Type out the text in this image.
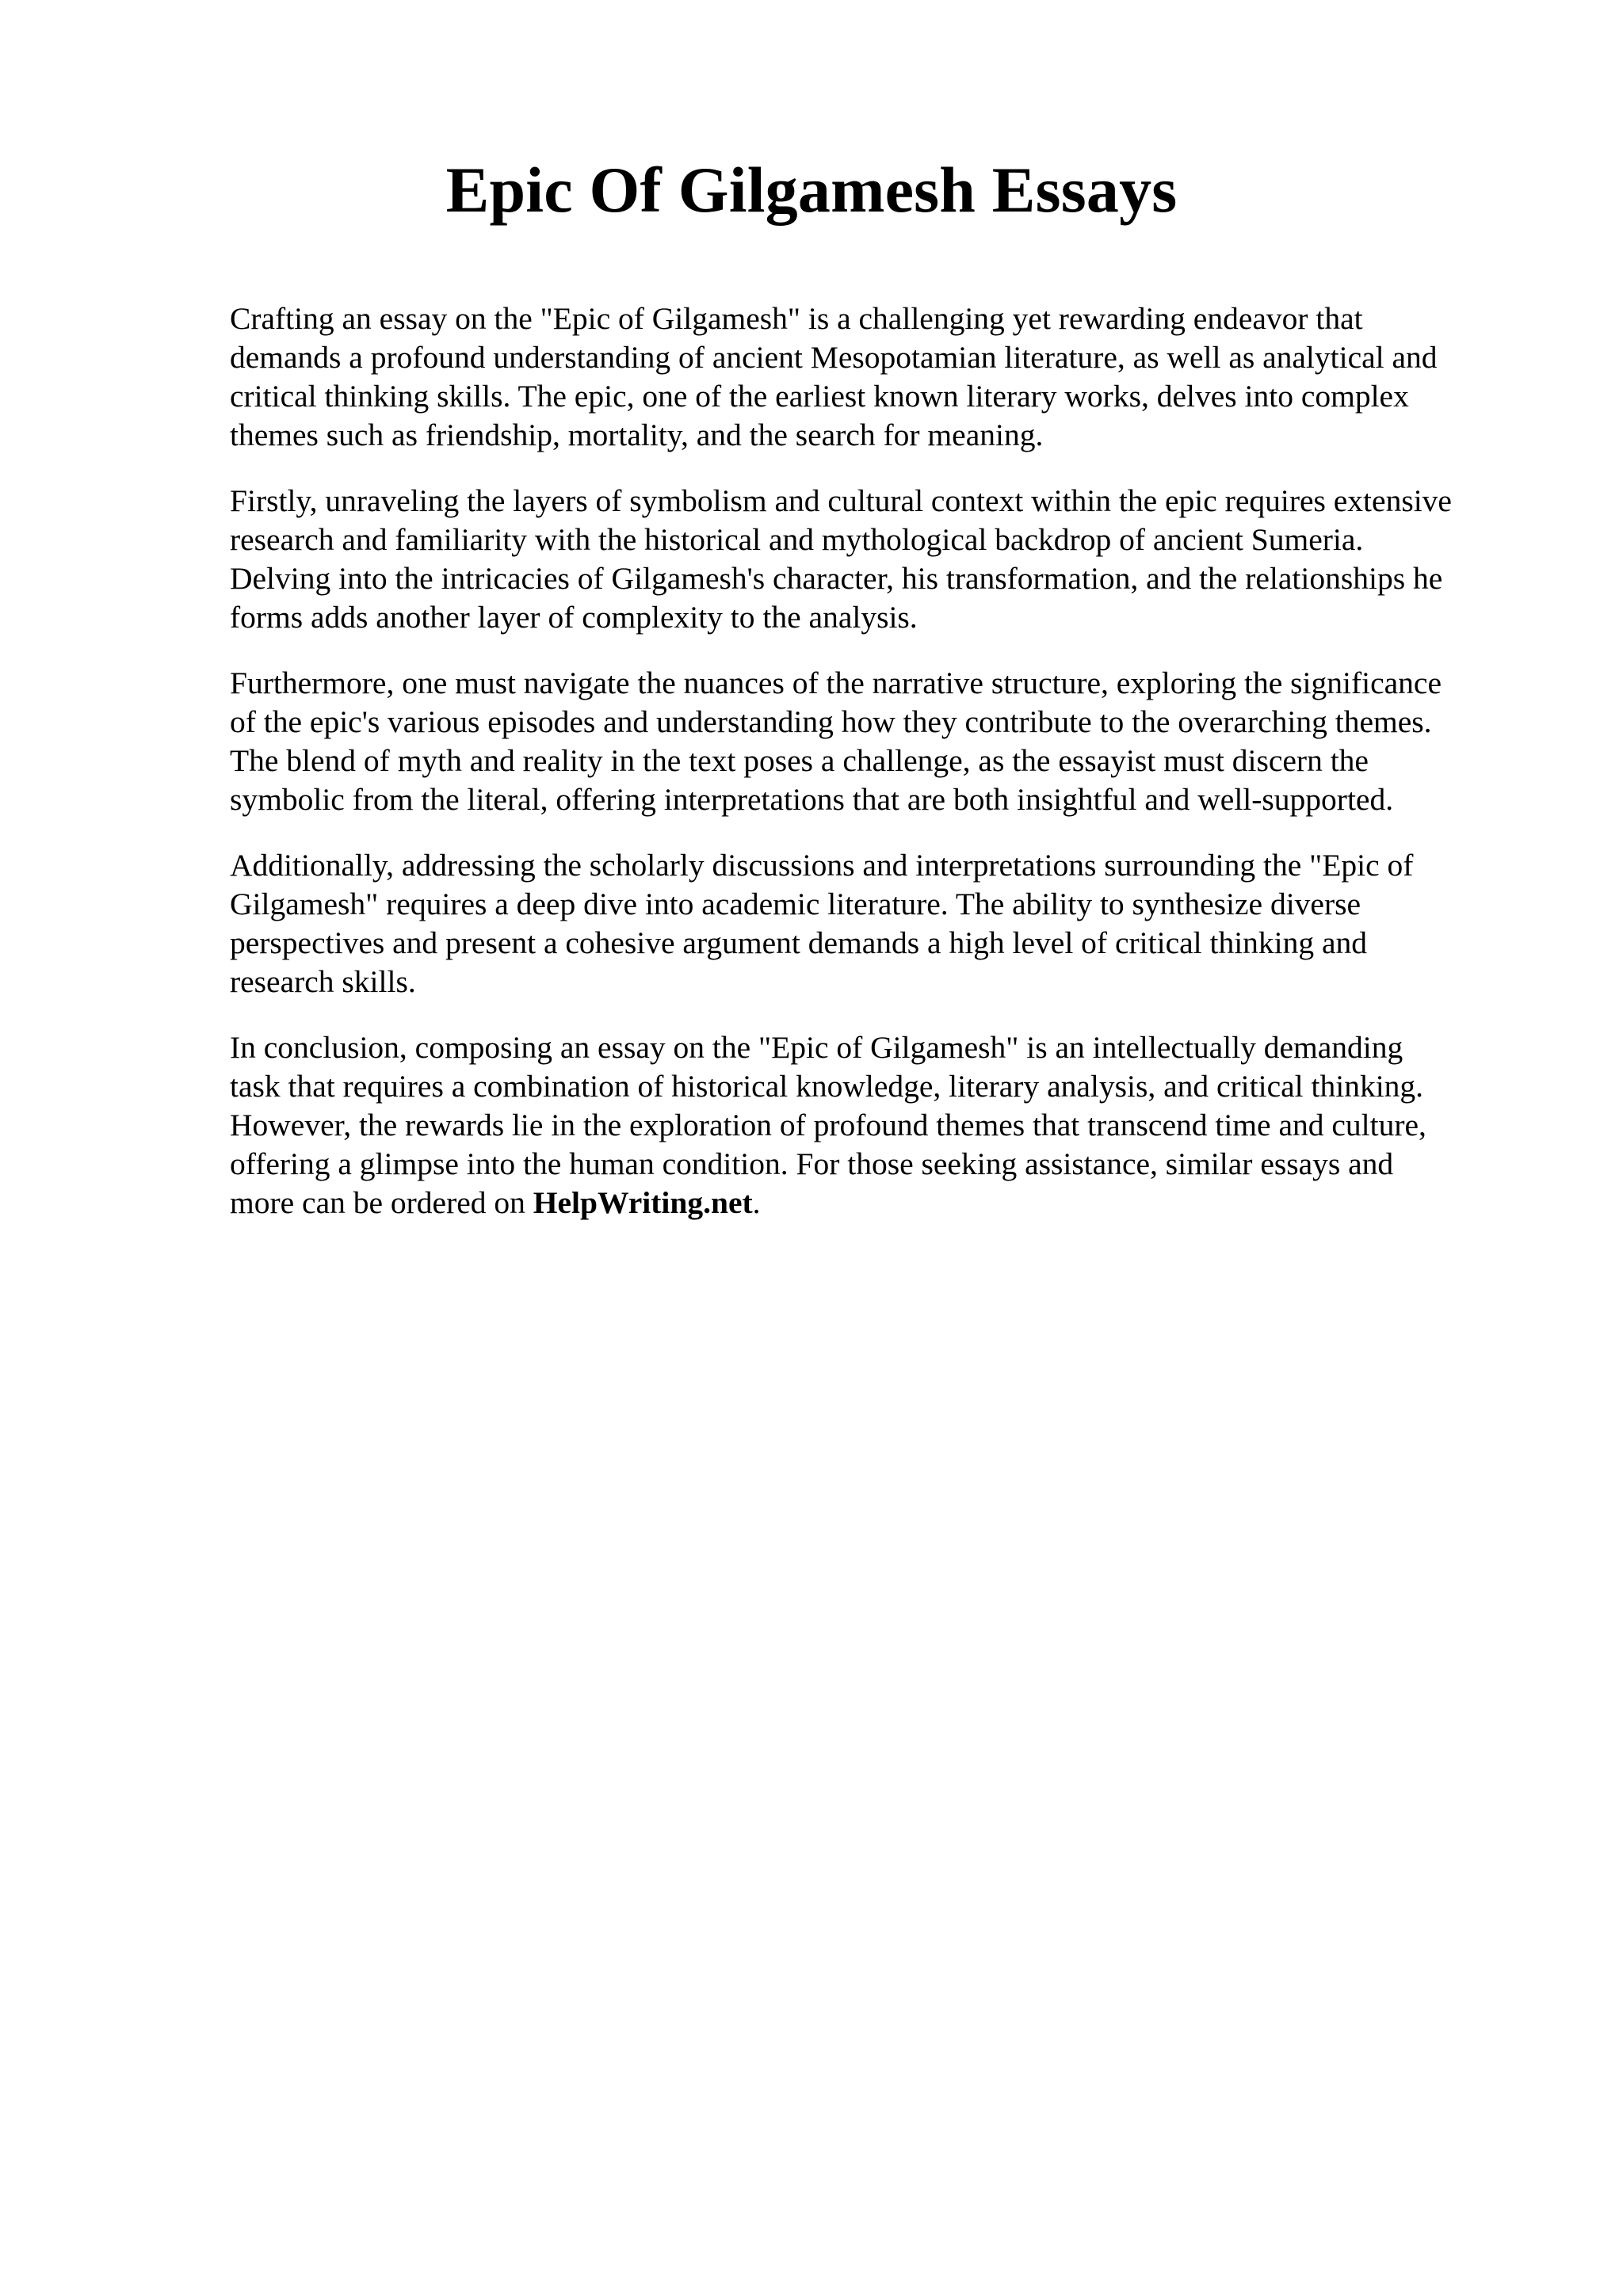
Epic Of Gilgamesh Essays

Crafting an essay on the "Epic of Gilgamesh" is a challenging yet rewarding endeavor that
demands a profound understanding of ancient Mesopotamian literature, as well as analytical and
critical thinking skills. The epic, one of the earliest known literary works, delves into complex
themes such as friendship, mortality, and the search for meaning.

Firstly, unraveling the layers of symbolism and cultural context within the epic requires extensive
research and familiarity with the historical and mythological backdrop of ancient Sumeria.
Delving into the intricacies of Gilgamesh's character, his transformation, and the relationships he
forms adds another layer of complexity to the analysis.

Furthermore, one must navigate the nuances of the narrative structure, exploring the significance
of the epic's various episodes and understanding how they contribute to the overarching themes.
The blend of myth and reality in the text poses a challenge, as the essayist must discern the
symbolic from the literal, offering interpretations that are both insightful and well-supported.

Additionally, addressing the scholarly discussions and interpretations surrounding the "Epic of
Gilgamesh" requires a deep dive into academic literature. The ability to synthesize diverse
perspectives and present a cohesive argument demands a high level of critical thinking and
research skills.

In conclusion, composing an essay on the "Epic of Gilgamesh" is an intellectually demanding
task that requires a combination of historical knowledge, literary analysis, and critical thinking.
However, the rewards lie in the exploration of profound themes that transcend time and culture,
offering a glimpse into the human condition. For those seeking assistance, similar essays and
more can be ordered on HelpWriting.net.
